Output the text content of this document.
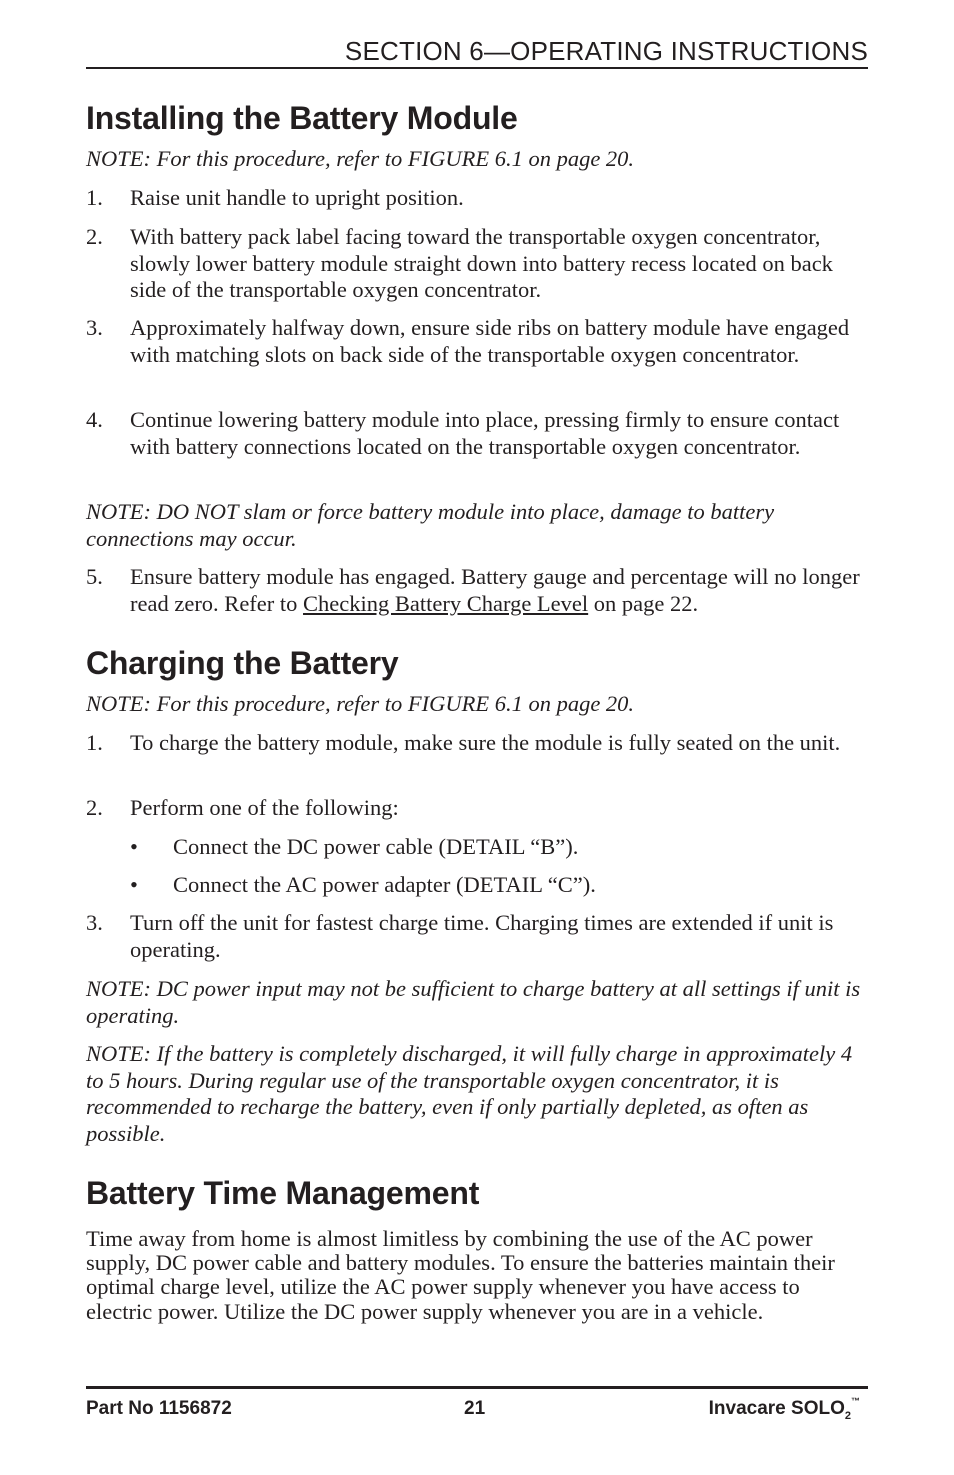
SECTION 6—OPERATING INSTRUCTIONS
Installing the Battery Module
NOTE: For this procedure, refer to FIGURE 6.1 on page 20.
1. Raise unit handle to upright position.
2. With battery pack label facing toward the transportable oxygen concentrator, slowly lower battery module straight down into battery recess located on back side of the transportable oxygen concentrator.
3. Approximately halfway down, ensure side ribs on battery module have engaged with matching slots on back side of the transportable oxygen concentrator.
4. Continue lowering battery module into place, pressing firmly to ensure contact with battery connections located on the transportable oxygen concentrator.
NOTE: DO NOT slam or force battery module into place, damage to battery connections may occur.
5. Ensure battery module has engaged. Battery gauge and percentage will no longer read zero. Refer to Checking Battery Charge Level on page 22.
Charging the Battery
NOTE: For this procedure, refer to FIGURE 6.1 on page 20.
1. To charge the battery module, make sure the module is fully seated on the unit.
2. Perform one of the following:
• Connect the DC power cable (DETAIL “B”).
• Connect the AC power adapter (DETAIL “C”).
3. Turn off the unit for fastest charge time. Charging times are extended if unit is operating.
NOTE: DC power input may not be sufficient to charge battery at all settings if unit is operating.
NOTE: If the battery is completely discharged, it will fully charge in approximately 4 to 5 hours. During regular use of the transportable oxygen concentrator, it is recommended to recharge the battery, even if only partially depleted, as often as possible.
Battery Time Management
Time away from home is almost limitless by combining the use of the AC power supply, DC power cable and battery modules. To ensure the batteries maintain their optimal charge level, utilize the AC power supply whenever you have access to electric power. Utilize the DC power supply whenever you are in a vehicle.
Part No 1156872	21	Invacare $SOLO_2™$
